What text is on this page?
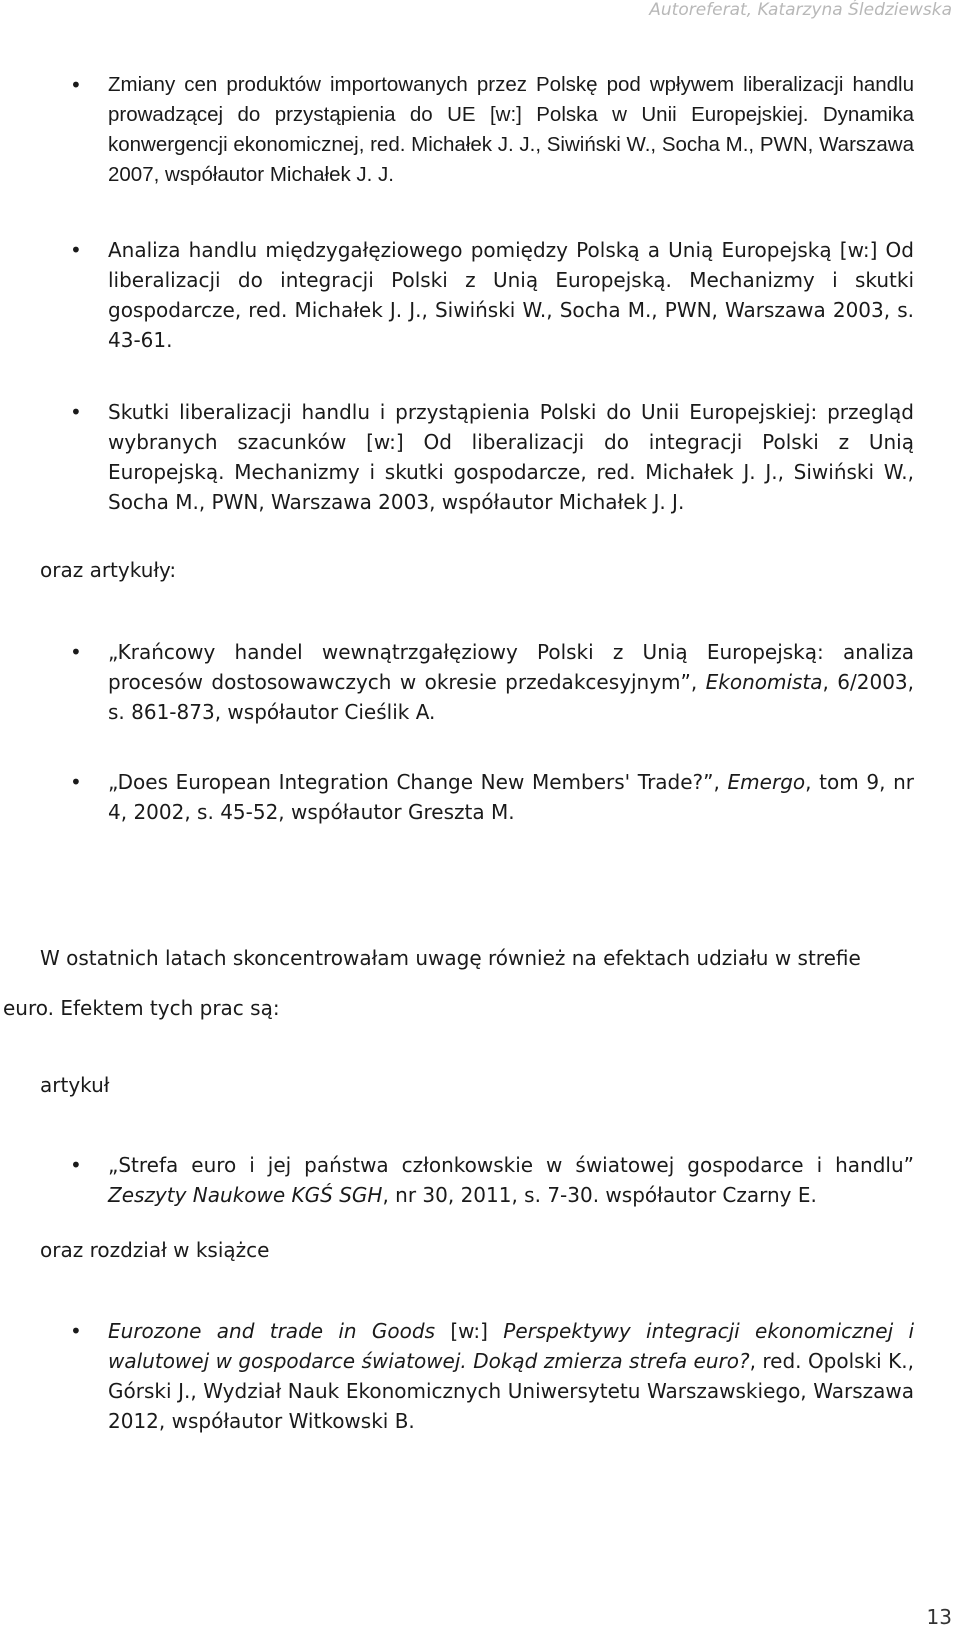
Autoreferat, Katarzyna Śledziewska
•	Zmiany cen produktów importowanych przez Polskę pod wpływem liberalizacji handlu prowadzącej do przystąpienia do UE [w:] Polska w Unii Europejskiej. Dynamika konwergencji ekonomicznej, red. Michałek J. J., Siwiński W., Socha M., PWN, Warszawa 2007, współautor Michałek J. J.
•	Analiza handlu międzygałęziowego pomiędzy Polską a Unią Europejską [w:] Od liberalizacji do integracji Polski z Unią Europejską. Mechanizmy i skutki gospodarcze, red. Michałek J. J., Siwiński W., Socha M., PWN, Warszawa 2003, s. 43-61.
•	Skutki liberalizacji handlu i przystąpienia Polski do Unii Europejskiej: przegląd wybranych szacunków [w:] Od liberalizacji do integracji Polski z Unią Europejską. Mechanizmy i skutki gospodarcze, red. Michałek J. J., Siwiński W., Socha M., PWN, Warszawa 2003, współautor Michałek J. J.
oraz artykuły:
•	„Krańcowy handel wewnątrzgałęziowy Polski z Unią Europejską: analiza procesów dostosowawczych w okresie przedakcesyjnym”, Ekonomista, 6/2003, s. 861-873, współautor Cieślik A.
•	„Does European Integration Change New Members' Trade?”, Emergo, tom 9, nr 4, 2002, s. 45-52, współautor Greszta M.
W ostatnich latach skoncentrowałam uwagę również na efektach udziału w strefie
euro. Efektem tych prac są:
artykuł
•	„Strefa euro i jej państwa członkowskie w światowej gospodarce i handlu” Zeszyty Naukowe KGŚ SGH, nr 30, 2011, s. 7-30. współautor Czarny E.
oraz rozdział w książce
•	Eurozone and trade in Goods [w:] Perspektywy integracji ekonomicznej i walutowej w gospodarce światowej. Dokąd zmierza strefa euro?, red. Opolski K., Górski J., Wydział Nauk Ekonomicznych Uniwersytetu Warszawskiego, Warszawa 2012, współautor Witkowski B.
13
